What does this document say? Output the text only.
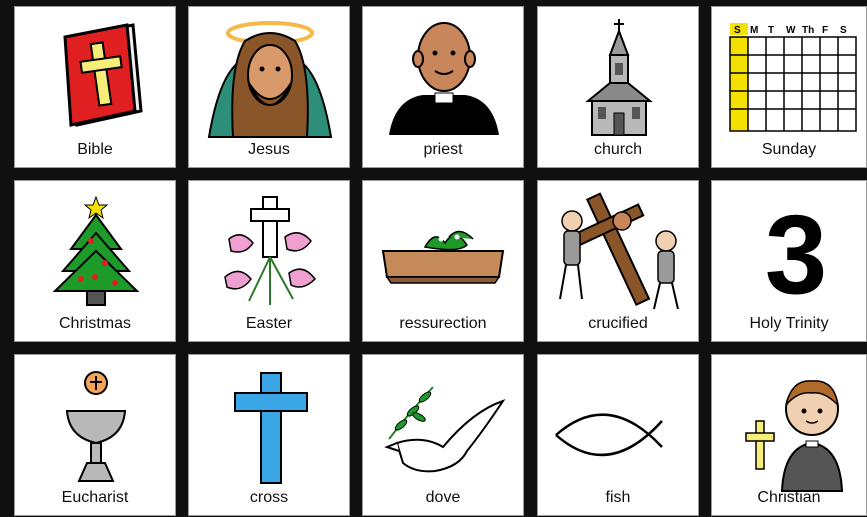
Bible	Jesus	priest	church
S M T W Th F S
Sunday
Christmas	Easter	ressurection	crucified
3
Holy Trinity
Eucharist	cross	dove	fish	Christian
